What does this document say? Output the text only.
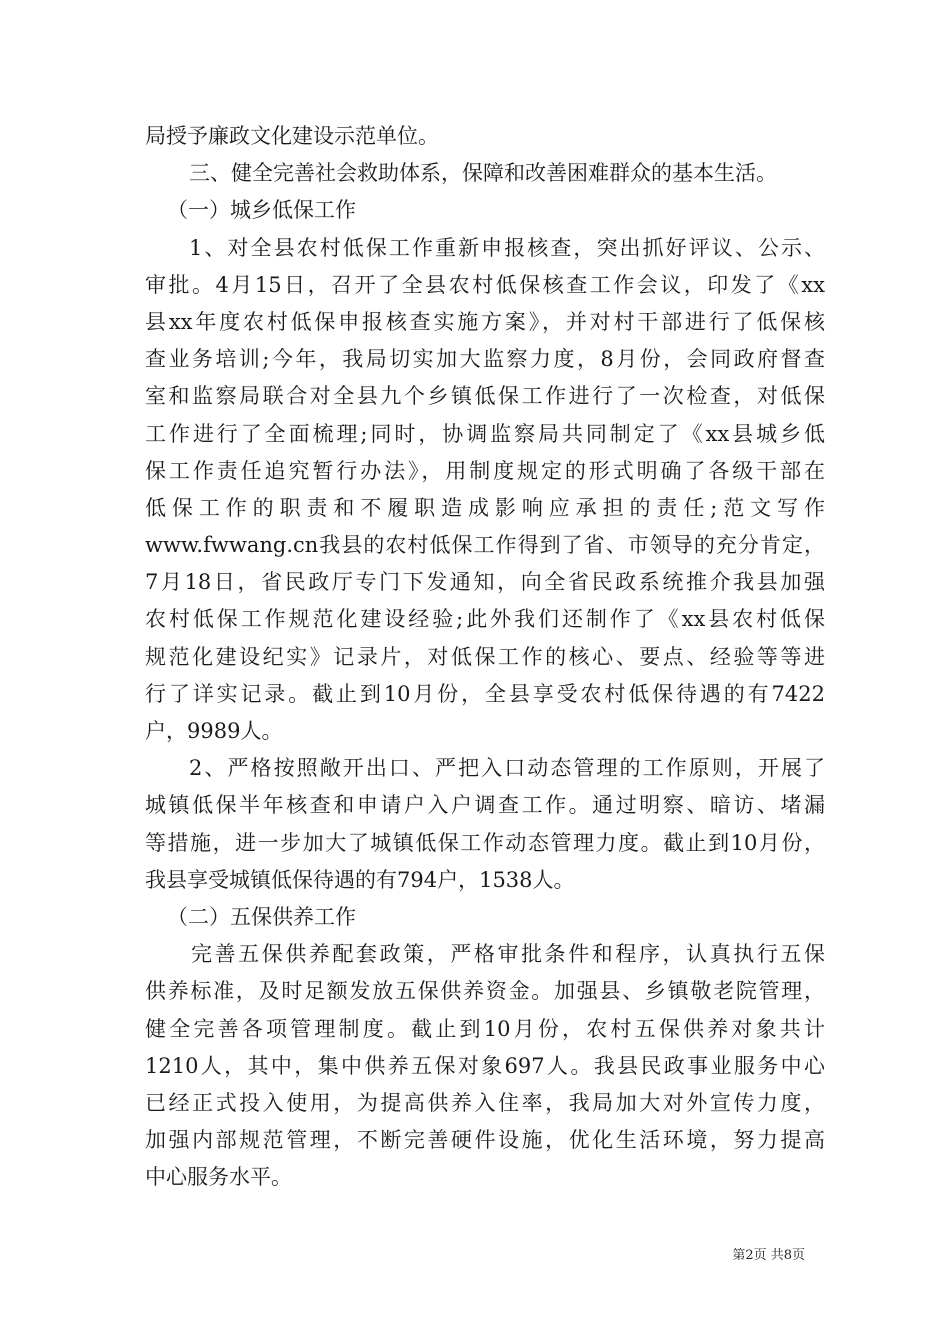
局授予廉政文化建设示范单位。
三、健全完善社会救助体系，保障和改善困难群众的基本生活。
（一）城乡低保工作
1、对全县农村低保工作重新申报核查，突出抓好评议、公示、
审批。4月15日，召开了全县农村低保核查工作会议，印发了《xx
县xx年度农村低保申报核查实施方案》，并对村干部进行了低保核
查业务培训;今年，我局切实加大监察力度，8月份，会同政府督查
室和监察局联合对全县九个乡镇低保工作进行了一次检查，对低保
工作进行了全面梳理;同时，协调监察局共同制定了《xx县城乡低
保工作责任追究暂行办法》，用制度规定的形式明确了各级干部在
低保工作的职责和不履职造成影响应承担的责任;范文写作
www.fwwang.cn我县的农村低保工作得到了省、市领导的充分肯定，
7月18日，省民政厅专门下发通知，向全省民政系统推介我县加强
农村低保工作规范化建设经验;此外我们还制作了《xx县农村低保
规范化建设纪实》记录片，对低保工作的核心、要点、经验等等进
行了详实记录。截止到10月份，全县享受农村低保待遇的有7422
户，9989人。
2、严格按照敞开出口、严把入口动态管理的工作原则，开展了
城镇低保半年核查和申请户入户调查工作。通过明察、暗访、堵漏
等措施，进一步加大了城镇低保工作动态管理力度。截止到10月份，
我县享受城镇低保待遇的有794户，1538人。
（二）五保供养工作
完善五保供养配套政策，严格审批条件和程序，认真执行五保
供养标准，及时足额发放五保供养资金。加强县、乡镇敬老院管理，
健全完善各项管理制度。截止到10月份，农村五保供养对象共计
1210人，其中，集中供养五保对象697人。我县民政事业服务中心
已经正式投入使用，为提高供养入住率，我局加大对外宣传力度，
加强内部规范管理，不断完善硬件设施，优化生活环境，努力提高
中心服务水平。
第2页 共8页
